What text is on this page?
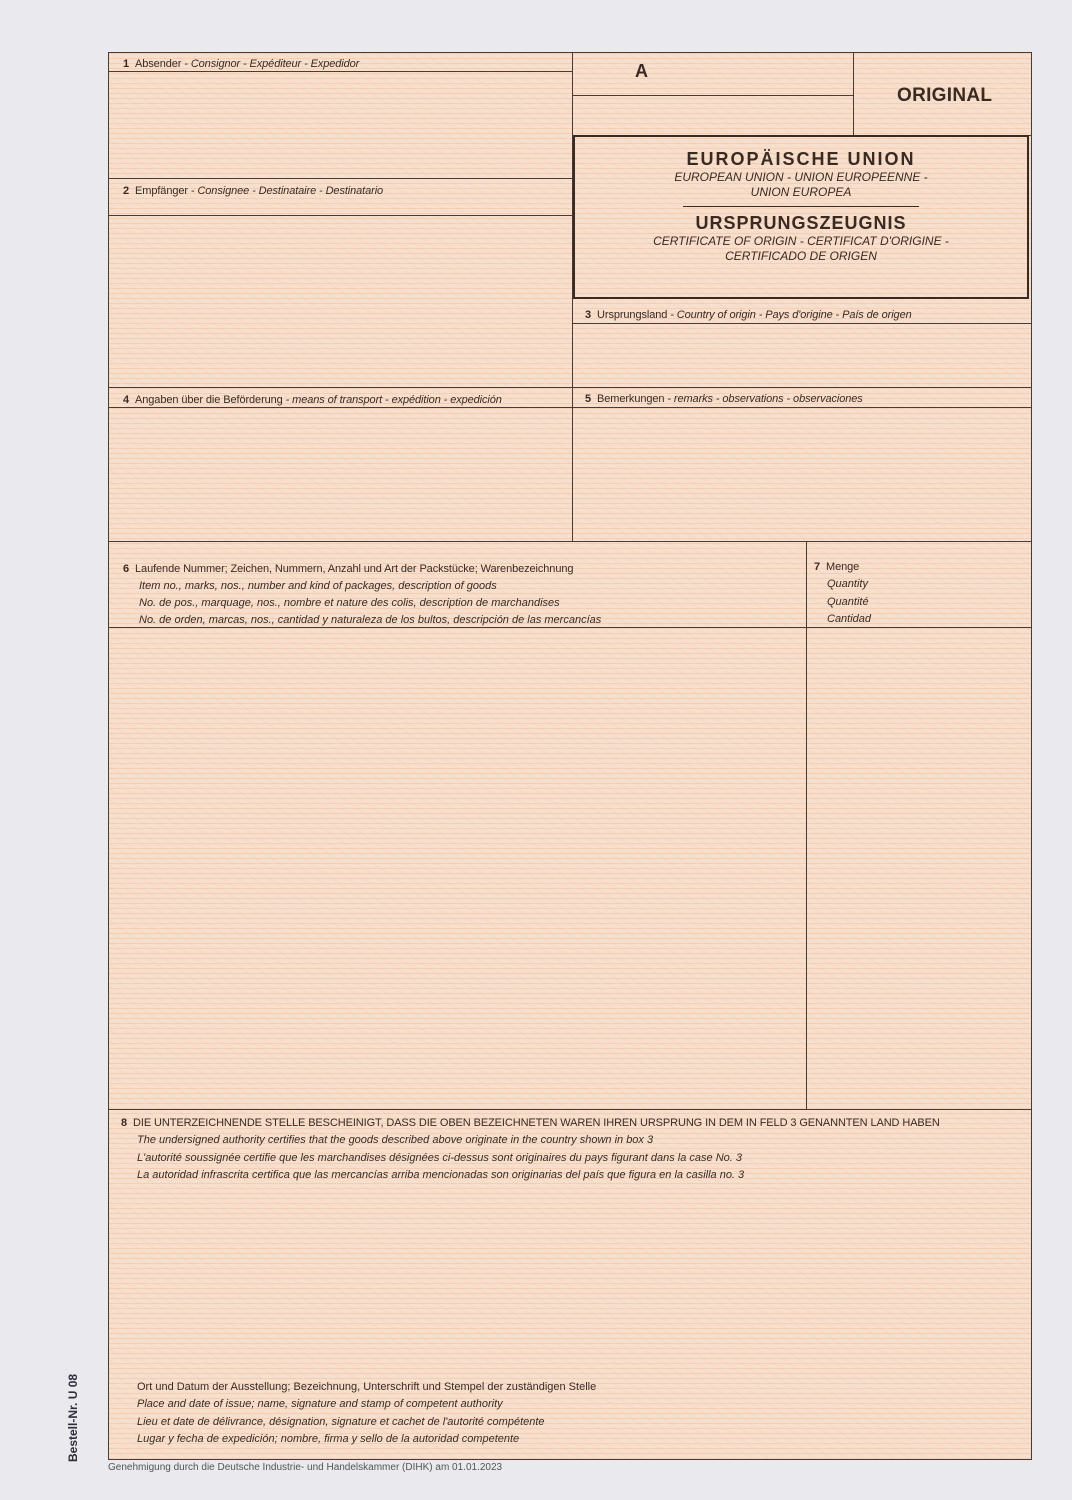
1 Absender - Consignor - Expéditeur - Expedidor	A
ORIGINAL
EUROPÄISCHE UNION
EUROPEAN UNION - UNION EUROPEENNE -
UNION EUROPEA
URSPRUNGSZEUGNIS
CERTIFICATE OF ORIGIN - CERTIFICAT D'ORIGINE -
CERTIFICADO DE ORIGEN
2 Empfänger - Consignee - Destinataire - Destinatario
3 Ursprungsland - Country of origin - Pays d'origine - País de origen
4 Angaben über die Beförderung - means of transport - expédition - expedición	5 Bemerkungen - remarks - observations - observaciones
6 Laufende Nummer; Zeichen, Nummern, Anzahl und Art der Packstücke; Warenbezeichnung
Item no., marks, nos., number and kind of packages, description of goods
No. de pos., marquage, nos., nombre et nature des colis, description de marchandises
No. de orden, marcas, nos., cantidad y naturaleza de los bultos, descripción de las mercancías
7 Menge
Quantity
Quantité
Cantidad
8 DIE UNTERZEICHNENDE STELLE BESCHEINIGT, DASS DIE OBEN BEZEICHNETEN WAREN IHREN URSPRUNG IN DEM IN FELD 3 GENANNTEN LAND HABEN
The undersigned authority certifies that the goods described above originate in the country shown in box 3
L'autorité soussignée certifie que les marchandises désignées ci-dessus sont originaires du pays figurant dans la case No. 3
La autoridad infrascrita certifica que las mercancías arriba mencionadas son originarias del país que figura en la casilla no. 3
Ort und Datum der Ausstellung; Bezeichnung, Unterschrift und Stempel der zuständigen Stelle
Place and date of issue; name, signature and stamp of competent authority
Lieu et date de délivrance, désignation, signature et cachet de l'autorité compétente
Lugar y fecha de expedición; nombre, firma y sello de la autoridad competente
Bestell-Nr. U 08
Genehmigung durch die Deutsche Industrie- und Handelskammer (DIHK) am 01.01.2023
